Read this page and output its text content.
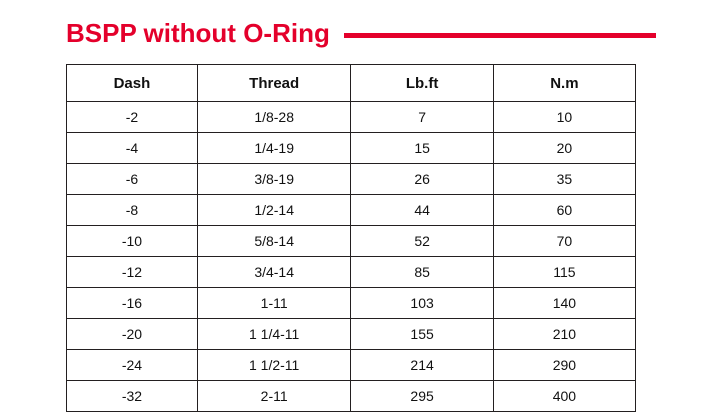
BSPP without O-Ring
Dash	Thread	Lb.ft	N.m
-2	1/8-28	7	10
-4	1/4-19	15	20
-6	3/8-19	26	35
-8	1/2-14	44	60
-10	5/8-14	52	70
-12	3/4-14	85	115
-16	1-11	103	140
-20	1 1/4-11	155	210
-24	1 1/2-11	214	290
-32	2-11	295	400
